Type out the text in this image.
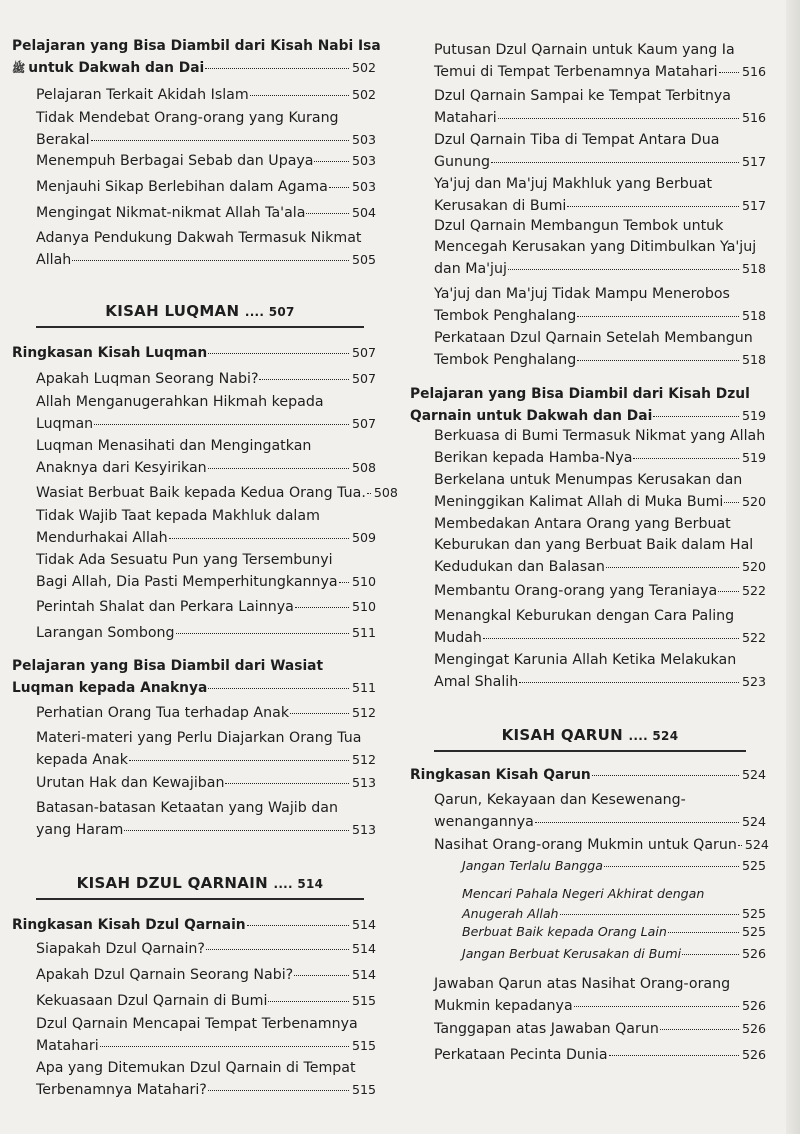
Pelajaran yang Bisa Diambil dari Kisah Nabi Isa
ﷺ untuk Dakwah dan Dai	502
Pelajaran Terkait Akidah Islam	502
Tidak Mendebat Orang-orang yang Kurang
Berakal	503
Menempuh Berbagai Sebab dan Upaya	503
Menjauhi Sikap Berlebihan dalam Agama 503
Mengingat Nikmat-nikmat Allah Ta'ala	504
Adanya Pendukung Dakwah Termasuk Nikmat
Allah	505
Ringkasan Kisah Luqman	507
Apakah Luqman Seorang Nabi?	507
Allah Menganugerahkan Hikmah kepada
Luqman	507
Luqman Menasihati dan Mengingatkan
Anaknya dari Kesyirikan	508
Wasiat Berbuat Baik kepada Kedua Orang Tua. 508
Tidak Wajib Taat kepada Makhluk dalam
Mendurhakai Allah	509
Tidak Ada Sesuatu Pun yang Tersembunyi
Bagi Allah, Dia Pasti Memperhitungkannya 510
Perintah Shalat dan Perkara Lainnya	510
Larangan Sombong	511
Pelajaran yang Bisa Diambil dari Wasiat
Luqman kepada Anaknya	511
Perhatian Orang Tua terhadap Anak	512
Materi-materi yang Perlu Diajarkan Orang Tua
kepada Anak	512
Urutan Hak dan Kewajiban	513
Batasan-batasan Ketaatan yang Wajib dan
yang Haram	513
Ringkasan Kisah Dzul Qarnain	514
Siapakah Dzul Qarnain?	514
Apakah Dzul Qarnain Seorang Nabi?	514
Kekuasaan Dzul Qarnain di Bumi	515
Dzul Qarnain Mencapai Tempat Terbenamnya
Matahari	515
Apa yang Ditemukan Dzul Qarnain di Tempat
Terbenamnya Matahari?	515
KISAH LUQMAN .... 507
KISAH DZUL QARNAIN .... 514
Putusan Dzul Qarnain untuk Kaum yang Ia
Temui di Tempat Terbenamnya Matahari 516
Dzul Qarnain Sampai ke Tempat Terbitnya
Matahari	516
Dzul Qarnain Tiba di Tempat Antara Dua
Gunung	517
Ya'juj dan Ma'juj Makhluk yang Berbuat
Kerusakan di Bumi	517
Dzul Qarnain Membangun Tembok untuk
Mencegah Kerusakan yang Ditimbulkan Ya'juj
dan Ma'juj	518
Ya'juj dan Ma'juj Tidak Mampu Menerobos
Tembok Penghalang	518
Perkataan Dzul Qarnain Setelah Membangun
Tembok Penghalang	518
Pelajaran yang Bisa Diambil dari Kisah Dzul
Qarnain untuk Dakwah dan Dai	519
Berkuasa di Bumi Termasuk Nikmat yang Allah
Berikan kepada Hamba-Nya	519
Berkelana untuk Menumpas Kerusakan dan
Meninggikan Kalimat Allah di Muka Bumi 520
Membedakan Antara Orang yang Berbuat
Keburukan dan yang Berbuat Baik dalam Hal
Kedudukan dan Balasan	520
Membantu Orang-orang yang Teraniaya 522
Menangkal Keburukan dengan Cara Paling
Mudah	522
Mengingat Karunia Allah Ketika Melakukan
Amal Shalih	523
Ringkasan Kisah Qarun	524
Qarun, Kekayaan dan Kesewenang-
wenangannya	524
Nasihat Orang-orang Mukmin untuk Qarun 524
Jangan Terlalu Bangga	525
Mencari Pahala Negeri Akhirat dengan
Anugerah Allah	525
Berbuat Baik kepada Orang Lain	525
Jangan Berbuat Kerusakan di Bumi	526
Jawaban Qarun atas Nasihat Orang-orang
Mukmin kepadanya	526
Tanggapan atas Jawaban Qarun	526
Perkataan Pecinta Dunia	526
KISAH QARUN .... 524
